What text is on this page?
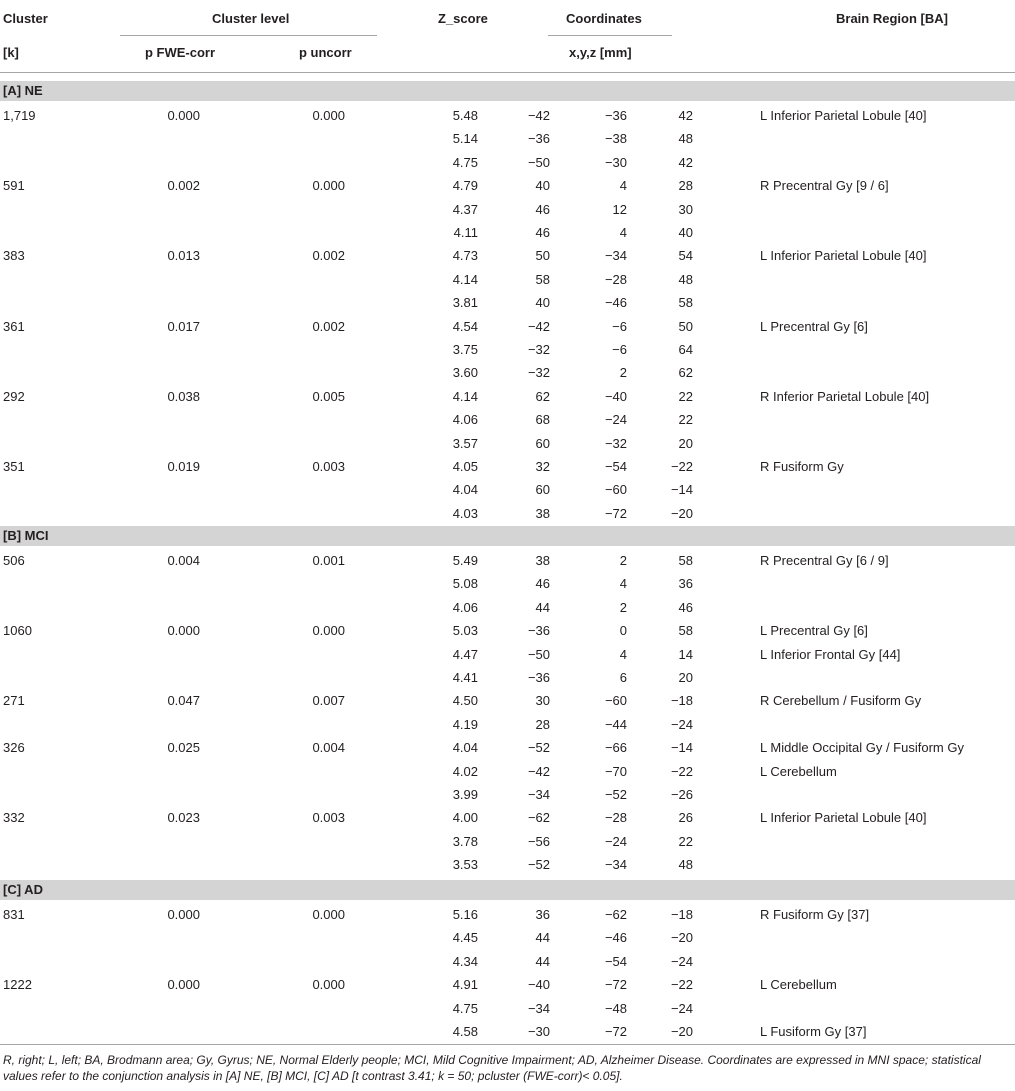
Cluster	Cluster level	Z_score	Coordinates	Brain Region [BA]
[k]	p FWE-corr	p uncorr	x,y,z [mm]
[A] NE
1,719	0.000	0.000	5.48	−42	−36	42	L Inferior Parietal Lobule [40]
5.14	−36	−38	48
4.75	−50	−30	42
591	0.002	0.000	4.79	40	4	28	R Precentral Gy [9 / 6]
4.37	46	12	30
4.11	46	4	40
383	0.013	0.002	4.73	50	−34	54	L Inferior Parietal Lobule [40]
4.14	58	−28	48
3.81	40	−46	58
361	0.017	0.002	4.54	−42	−6	50	L Precentral Gy [6]
3.75	−32	−6	64
3.60	−32	2	62
292	0.038	0.005	4.14	62	−40	22	R Inferior Parietal Lobule [40]
4.06	68	−24	22
3.57	60	−32	20
351	0.019	0.003	4.05	32	−54	−22	R Fusiform Gy
4.04	60	−60	−14
4.03	38	−72	−20
[B] MCI
506	0.004	0.001	5.49	38	2	58	R Precentral Gy [6 / 9]
5.08	46	4	36
4.06	44	2	46
1060	0.000	0.000	5.03	−36	0	58	L Precentral Gy [6]
4.47	−50	4	14	L Inferior Frontal Gy [44]
4.41	−36	6	20
271	0.047	0.007	4.50	30	−60	−18	R Cerebellum / Fusiform Gy
4.19	28	−44	−24
326	0.025	0.004	4.04	−52	−66	−14	L Middle Occipital Gy / Fusiform Gy
4.02	−42	−70	−22	L Cerebellum
3.99	−34	−52	−26
332	0.023	0.003	4.00	−62	−28	26	L Inferior Parietal Lobule [40]
3.78	−56	−24	22
3.53	−52	−34	48
[C] AD
831	0.000	0.000	5.16	36	−62	−18	R Fusiform Gy [37]
4.45	44	−46	−20
4.34	44	−54	−24
1222	0.000	0.000	4.91	−40	−72	−22	L Cerebellum
4.75	−34	−48	−24
4.58	−30	−72	−20	L Fusiform Gy [37]
R, right; L, left; BA, Brodmann area; Gy, Gyrus; NE, Normal Elderly people; MCI, Mild Cognitive Impairment; AD, Alzheimer Disease. Coordinates are expressed in MNI space; statistical values refer to the conjunction analysis in [A] NE, [B] MCI, [C] AD [t contrast 3.41; k = 50; pcluster (FWE-corr)< 0.05].
